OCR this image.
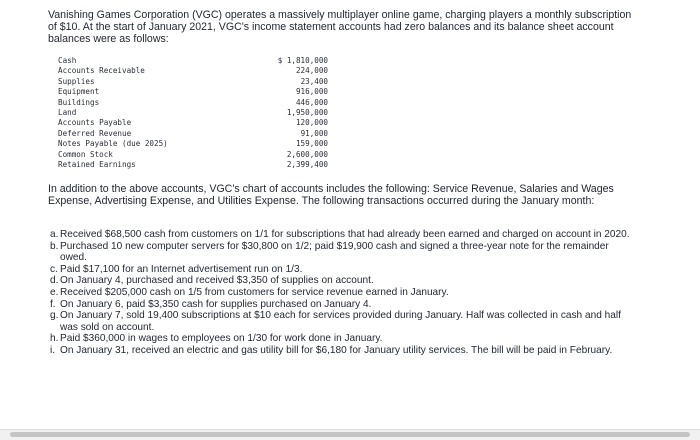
Vanishing Games Corporation (VGC) operates a massively multiplayer online game, charging players a monthly subscription of $10. At the start of January 2021, VGC's income statement accounts had zero balances and its balance sheet account balances were as follows:

Cash	$ 1,810,000
Accounts Receivable	224,000
Supplies	23,400
Equipment	916,000
Buildings	446,000
Land	1,950,000
Accounts Payable	120,000
Deferred Revenue	91,000
Notes Payable (due 2025)	159,000
Common Stock	2,600,000
Retained Earnings	2,399,400

In addition to the above accounts, VGC's chart of accounts includes the following: Service Revenue, Salaries and Wages Expense, Advertising Expense, and Utilities Expense. The following transactions occurred during the January month:

a. Received $68,500 cash from customers on 1/1 for subscriptions that had already been earned and charged on account in 2020.
b. Purchased 10 new computer servers for $30,800 on 1/2; paid $19,900 cash and signed a three-year note for the remainder owed.
c. Paid $17,100 for an Internet advertisement run on 1/3.
d. On January 4, purchased and received $3,350 of supplies on account.
e. Received $205,000 cash on 1/5 from customers for service revenue earned in January.
f. On January 6, paid $3,350 cash for supplies purchased on January 4.
g. On January 7, sold 19,400 subscriptions at $10 each for services provided during January. Half was collected in cash and half was sold on account.
h. Paid $360,000 in wages to employees on 1/30 for work done in January.
i. On January 31, received an electric and gas utility bill for $6,180 for January utility services. The bill will be paid in February.
